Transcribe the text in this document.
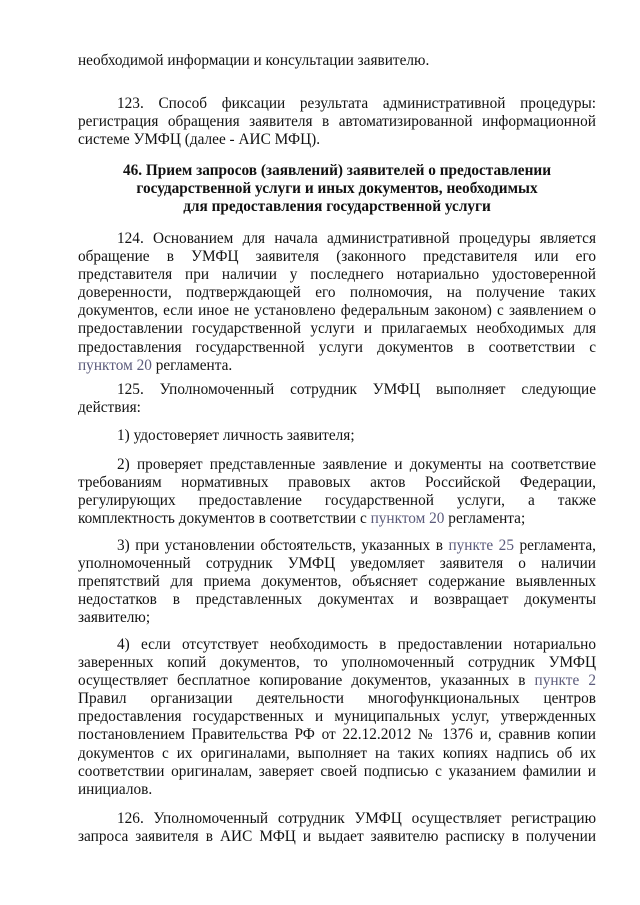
необходимой информации и консультации заявителю.
123. Способ фиксации результата административной процедуры:
регистрация обращения заявителя в автоматизированной информационной
системе УМФЦ (далее - АИС МФЦ).
46. Прием запросов (заявлений) заявителей о предоставлении
государственной услуги и иных документов, необходимых
для предоставления государственной услуги
124. Основанием для начала административной процедуры является
обращение в УМФЦ заявителя (законного представителя или его
представителя при наличии у последнего нотариально удостоверенной
доверенности, подтверждающей его полномочия, на получение таких
документов, если иное не установлено федеральным законом) с заявлением о
предоставлении государственной услуги и прилагаемых необходимых для
предоставления государственной услуги документов в соответствии с
пунктом 20 регламента.
125. Уполномоченный сотрудник УМФЦ выполняет следующие
действия:
1) удостоверяет личность заявителя;
2) проверяет представленные заявление и документы на соответствие
требованиям нормативных правовых актов Российской Федерации,
регулирующих предоставление государственной услуги, а также
комплектность документов в соответствии с пунктом 20 регламента;
3) при установлении обстоятельств, указанных в пункте 25 регламента,
уполномоченный сотрудник УМФЦ уведомляет заявителя о наличии
препятствий для приема документов, объясняет содержание выявленных
недостатков в представленных документах и возвращает документы
заявителю;
4) если отсутствует необходимость в предоставлении нотариально
заверенных копий документов, то уполномоченный сотрудник УМФЦ
осуществляет бесплатное копирование документов, указанных в пункте 2
Правил организации деятельности многофункциональных центров
предоставления государственных и муниципальных услуг, утвержденных
постановлением Правительства РФ от 22.12.2012 № 1376 и, сравнив копии
документов с их оригиналами, выполняет на таких копиях надпись об их
соответствии оригиналам, заверяет своей подписью с указанием фамилии и
инициалов.
126. Уполномоченный сотрудник УМФЦ осуществляет регистрацию
запроса заявителя в АИС МФЦ и выдает заявителю расписку в получении
